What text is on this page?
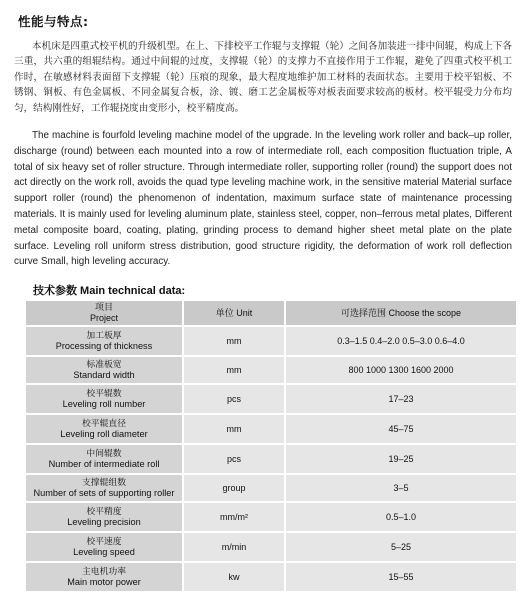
性能与特点:

本机床是四重式校平机的升级机型。在上、下排校平工作辊与支撑辊（轮）之间各加装进一排中间辊，构成上下各三重，共六重的组辊结构。通过中间辊的过度，支撑辊（轮）的支撑力不直接作用于工作辊，避免了四重式校平机工作时，在敏感材料表面留下支撑辊（轮）压痕的现象，最大程度地维护加工材料的表面状态。主要用于校平铝板、不锈钢、铜板、有色金属板、不同金属复合板，涂、镀、磨工艺金属板等对板表面要求较高的板材。校平辊受力分布均匀，结构刚性好，工作辊挠度由变形小，校平精度高。

The machine is fourfold leveling machine model of the upgrade. In the leveling work roller and back–up roller, discharge (round) between each mounted into a row of intermediate roll, each composition fluctuation triple, A total of six heavy set of roller structure. Through intermediate roller, supporting roller (round) the support does not act directly on the work roll, avoids the quad type leveling machine work, in the sensitive material Material surface support roller (round) the phenomenon of indentation, maximum surface state of maintenance processing materials. It is mainly used for leveling aluminum plate, stainless steel, copper, non–ferrous metal plates, Different metal composite board, coating, plating, grinding process to demand higher sheet metal plate on the plate surface. Leveling roll uniform stress distribution, good structure rigidity, the deformation of work roll deflection curve Small, high leveling accuracy.

技术参数 Main technical data:
项目
Project	单位 Unit	可选择范围 Choose the scope

加工板厚
Processing of thickness	mm	0.3–1.5 0.4–2.0 0.5–3.0 0.6–4.0

标准板宽
Standard width	mm	800 1000 1300 1600 2000

校平辊数
Leveling roll number	pcs	17–23

校平辊直径
Leveling roll diameter	mm	45–75

中间辊数
Number of intermediate roll	pcs	19–25

支撑辊组数
Number of sets of supporting roller	group	3–5

校平精度
Leveling precision	mm/m²	0.5–1.0

校平速度
Leveling speed	m/min	5–25

主电机功率
Main motor power	kw	15–55
